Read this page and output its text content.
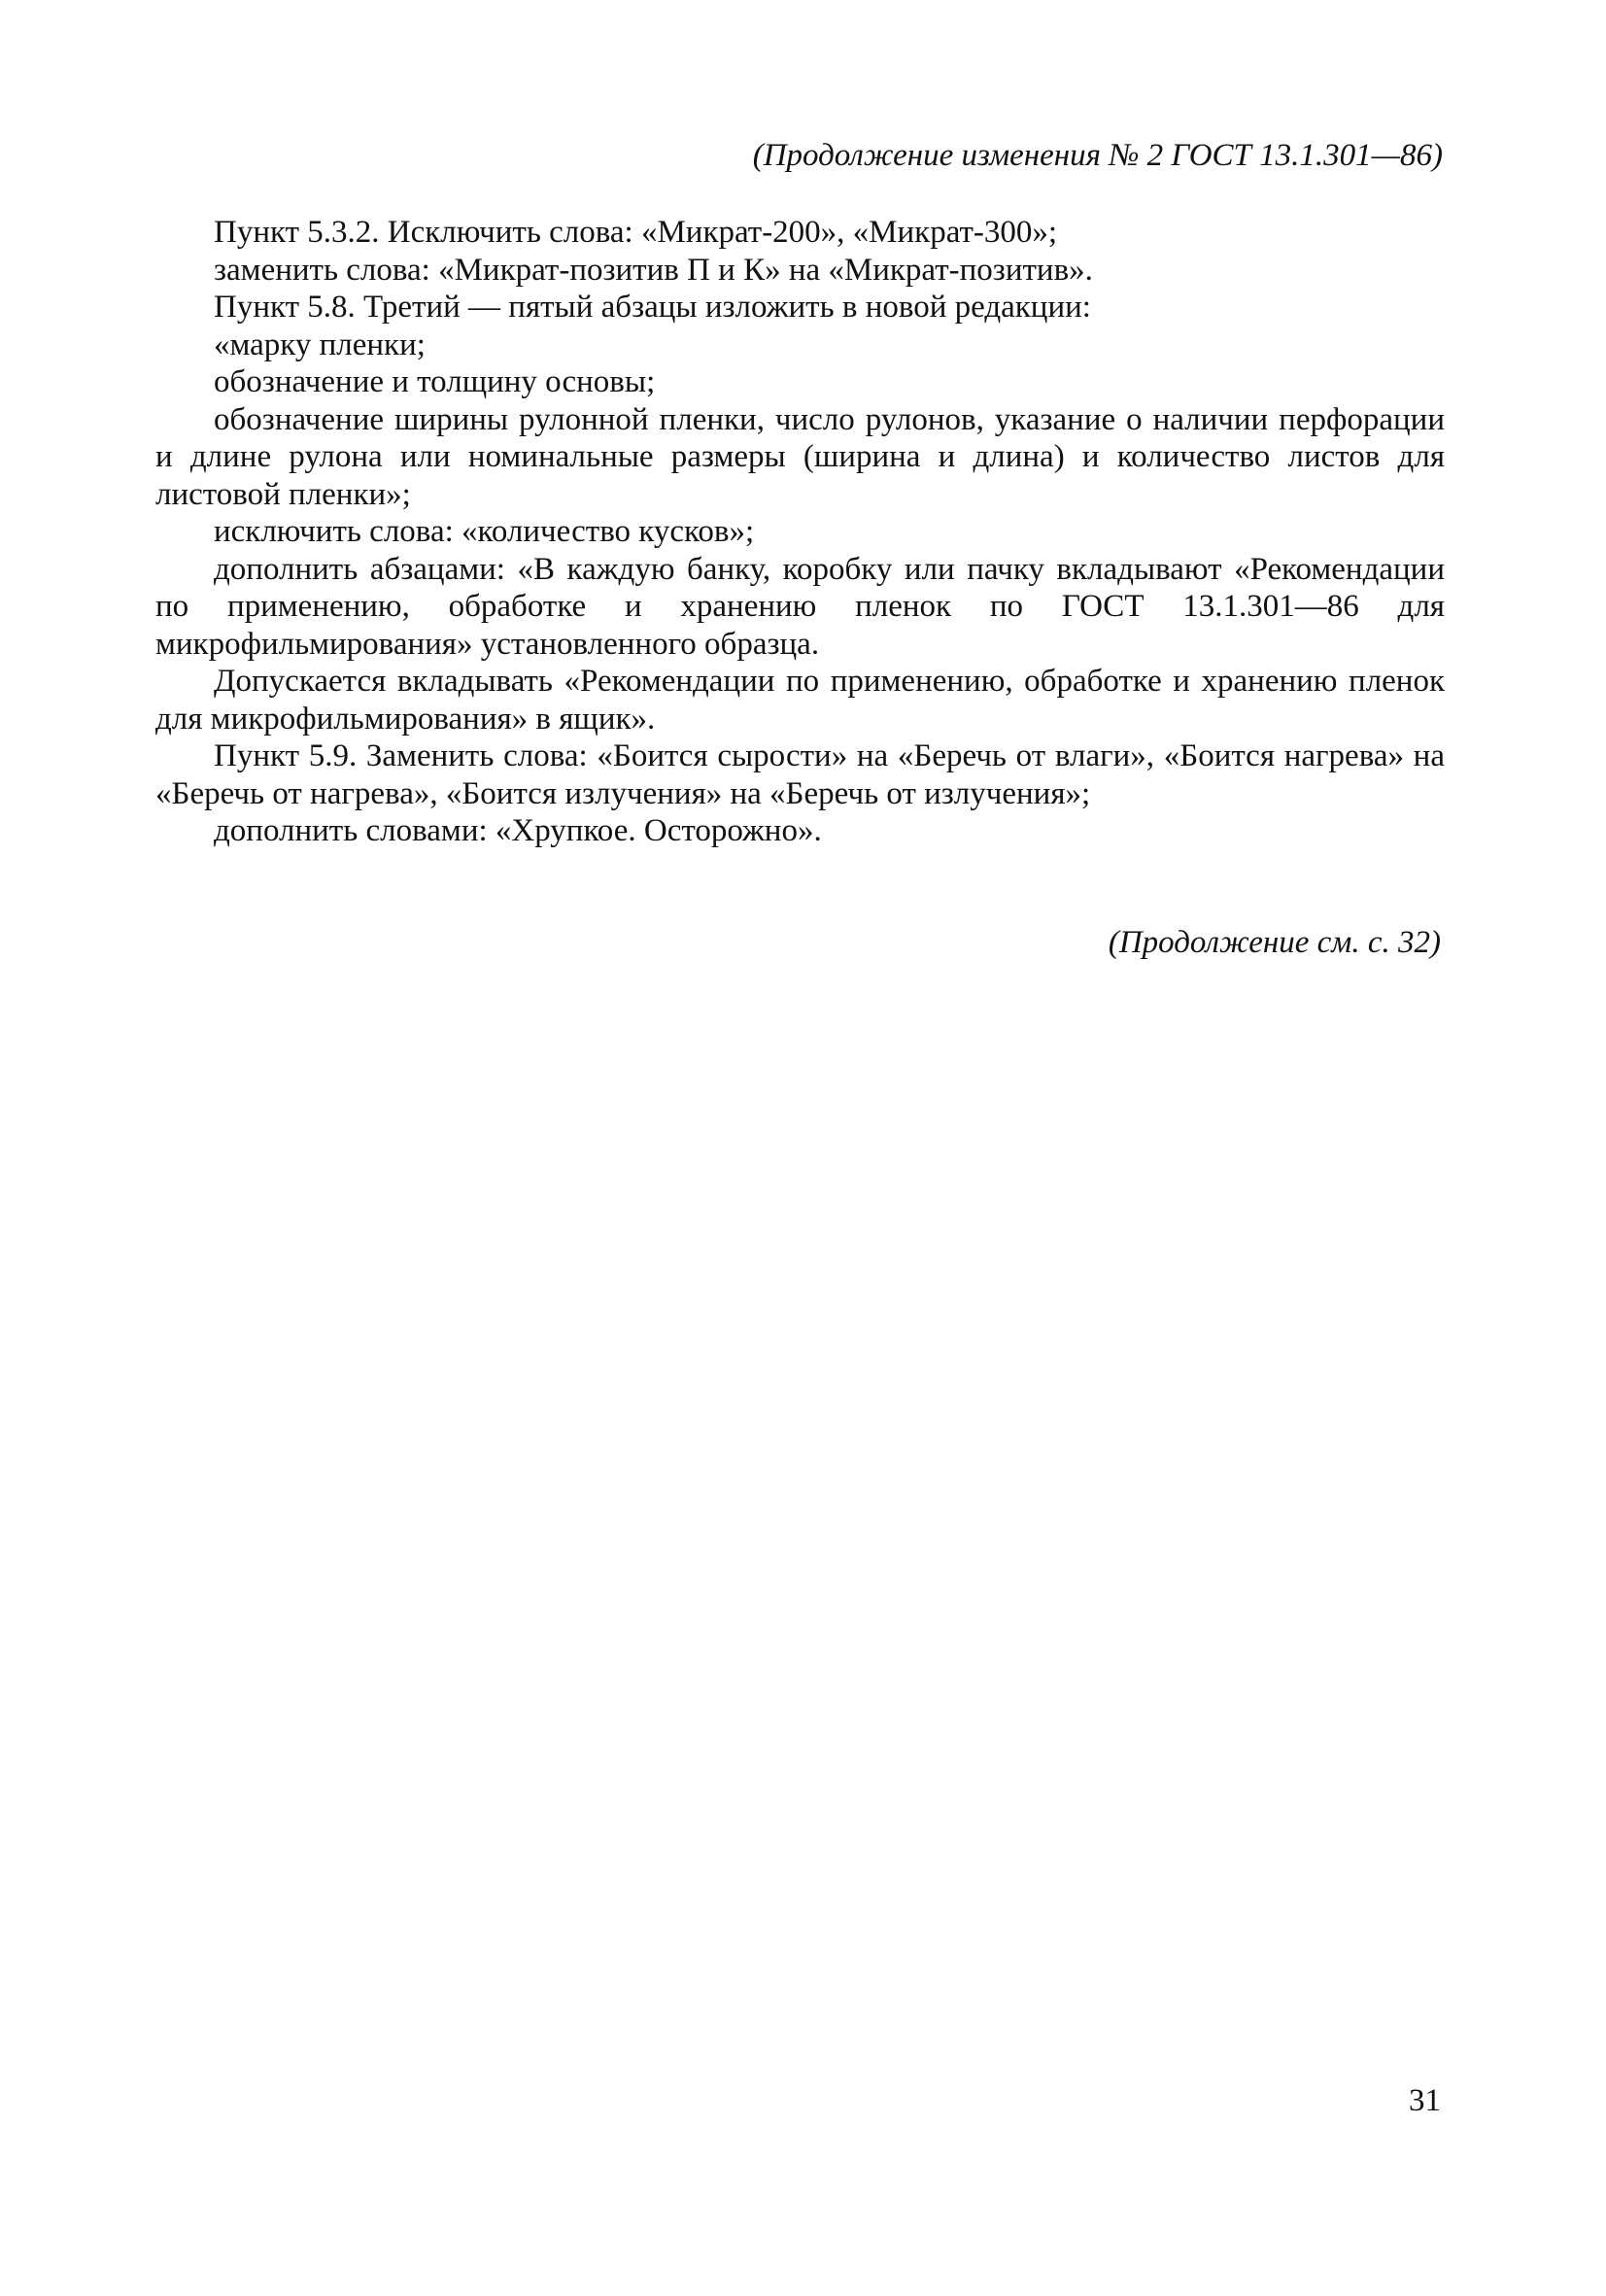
(Продолжение изменения № 2 ГОСТ 13.1.301—86)

Пункт 5.3.2. Исключить слова: «Микрат-200», «Микрат-300»;

заменить слова: «Микрат-позитив П и К» на «Микрат-позитив».

Пункт 5.8. Третий — пятый абзацы изложить в новой редакции:

«марку пленки;

обозначение и толщину основы;

обозначение ширины рулонной пленки, число рулонов, указание о наличии перфорации и длине рулона или номинальные размеры (ширина и длина) и количество листов для листовой пленки»;

исключить слова: «количество кусков»;

дополнить абзацами: «В каждую банку, коробку или пачку вкладывают «Рекомендации по применению, обработке и хранению пленок по ГОСТ 13.1.301—86 для микрофильмирования» установленного образца.

Допускается вкладывать «Рекомендации по применению, обработке и хранению пленок для микрофильмирования» в ящик».

Пункт 5.9. Заменить слова: «Боится сырости» на «Беречь от влаги», «Боится нагрева» на «Беречь от нагрева», «Боится излучения» на «Беречь от излучения»;

дополнить словами: «Хрупкое. Осторожно».

(Продолжение см. с. 32)
31
